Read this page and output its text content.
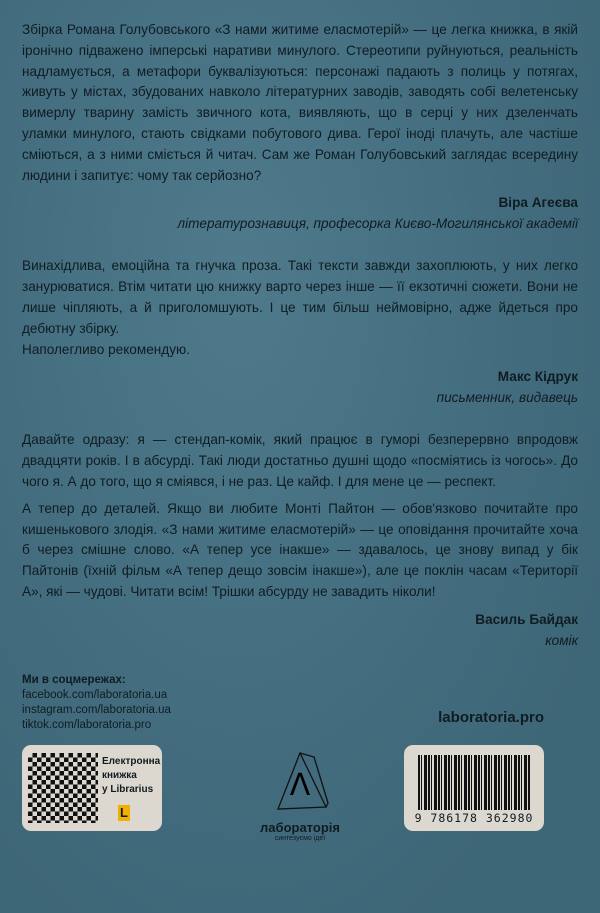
Збірка Романа Голубовського «З нами житиме еласмотерій» — це легка книжка, в якій іронічно підважено імперські наративи минулого. Стереотипи руйнуються, реальність надламується, а метафори буквалізуються: персонажі падають з полиць у потягах, живуть у містах, збудованих навколо літературних заводів, заводять собі велетенську вимерлу тварину замість звичного кота, виявляють, що в серці у них дзеленчать уламки минулого, стають свідками побутового дива. Герої іноді плачуть, але частіше сміються, а з ними сміється й читач. Сам же Роман Голубовський заглядає всередину людини і запитує: чому так серйозно?

Віра Агеєва
літературознавиця, професорка Києво-Могилянської академії

Винахідлива, емоційна та гнучка проза. Такі тексти завжди захоплюють, у них легко занурюватися. Втім читати цю книжку варто через інше — її екзотичні сюжети. Вони не лише чіпляють, а й приголомшують. І це тим більш неймовірно, адже йдеться про дебютну збірку.

Наполегливо рекомендую.

Макс Кідрук
письменник, видавець

Давайте одразу: я — стендап-комік, який працює в гуморі безперервно впродовж двадцяти років. І в абсурді. Такі люди достатньо душні щодо «посміятись із чогось». До чого я. А до того, що я сміявся, і не раз. Це кайф. І для мене це — респект.

А тепер до деталей. Якщо ви любите Монті Пайтон — обов'язково почитайте про кишенькового злодія. «З нами житиме еласмотерій» — це оповідання прочитайте хоча б через смішне слово. «А тепер усе інакше» — здавалось, це знову випад у бік Пайтонів (їхній фільм «А тепер дещо зовсім інакше»), але це поклін часам «Території А», які — чудові. Читати всім! Трішки абсурду не завадить ніколи!

Василь Байдак
комік
Ми в соцмережах:
facebook.com/laboratoria.ua
instagram.com/laboratoria.ua
tiktok.com/laboratoria.pro
Електронна
книжка
у Librarius
L
Λ
лабораторія
синтезуємо ідеї
laboratoria.pro
9 786178 362980
